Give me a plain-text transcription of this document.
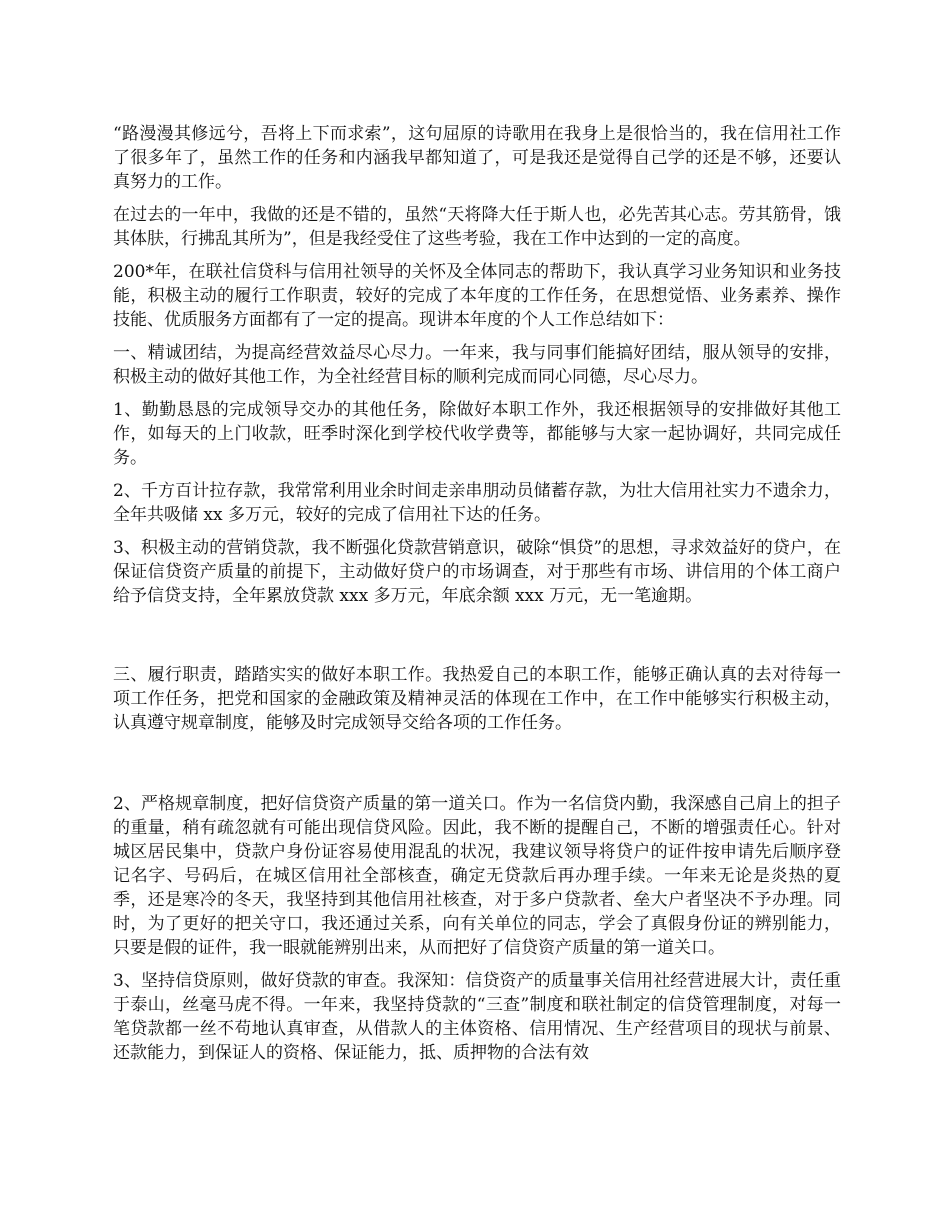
“路漫漫其修远兮，吾将上下而求索”，这句屈原的诗歌用在我身上是很恰当的，我在信用社工作了很多年了，虽然工作的任务和内涵我早都知道了，可是我还是觉得自己学的还是不够，还要认真努力的工作。

在过去的一年中，我做的还是不错的，虽然“天将降大任于斯人也，必先苦其心志。劳其筋骨，饿其体肤，行拂乱其所为”，但是我经受住了这些考验，我在工作中达到的一定的高度。

200*年，在联社信贷科与信用社领导的关怀及全体同志的帮助下，我认真学习业务知识和业务技能，积极主动的履行工作职责，较好的完成了本年度的工作任务，在思想觉悟、业务素养、操作技能、优质服务方面都有了一定的提高。现讲本年度的个人工作总结如下：

一、精诚团结，为提高经营效益尽心尽力。一年来，我与同事们能搞好团结，服从领导的安排，积极主动的做好其他工作，为全社经营目标的顺利完成而同心同德，尽心尽力。

1、勤勤恳恳的完成领导交办的其他任务，除做好本职工作外，我还根据领导的安排做好其他工作，如每天的上门收款，旺季时深化到学校代收学费等，都能够与大家一起协调好，共同完成任务。

2、千方百计拉存款，我常常利用业余时间走亲串朋动员储蓄存款，为壮大信用社实力不遗余力，全年共吸储 xx 多万元，较好的完成了信用社下达的任务。

3、积极主动的营销贷款，我不断强化贷款营销意识，破除“惧贷”的思想，寻求效益好的贷户，在保证信贷资产质量的前提下，主动做好贷户的市场调查，对于那些有市场、讲信用的个体工商户给予信贷支持，全年累放贷款 xxx 多万元，年底余额 xxx 万元，无一笔逾期。

三、履行职责，踏踏实实的做好本职工作。我热爱自己的本职工作，能够正确认真的去对待每一项工作任务，把党和国家的金融政策及精神灵活的体现在工作中，在工作中能够实行积极主动，认真遵守规章制度，能够及时完成领导交给各项的工作任务。

2、严格规章制度，把好信贷资产质量的第一道关口。作为一名信贷内勤，我深感自己肩上的担子的重量，稍有疏忽就有可能出现信贷风险。因此，我不断的提醒自己，不断的增强责任心。针对城区居民集中，贷款户身份证容易使用混乱的状况，我建议领导将贷户的证件按申请先后顺序登记名字、号码后，在城区信用社全部核查，确定无贷款后再办理手续。一年来无论是炎热的夏季，还是寒冷的冬天，我坚持到其他信用社核查，对于多户贷款者、垒大户者坚决不予办理。同时，为了更好的把关守口，我还通过关系，向有关单位的同志，学会了真假身份证的辨别能力，只要是假的证件，我一眼就能辨别出来，从而把好了信贷资产质量的第一道关口。

3、坚持信贷原则，做好贷款的审查。我深知：信贷资产的质量事关信用社经营进展大计，责任重于泰山，丝毫马虎不得。一年来，我坚持贷款的“三查”制度和联社制定的信贷管理制度，对每一笔贷款都一丝不苟地认真审查，从借款人的主体资格、信用情况、生产经营项目的现状与前景、还款能力，到保证人的资格、保证能力，抵、质押物的合法有效
